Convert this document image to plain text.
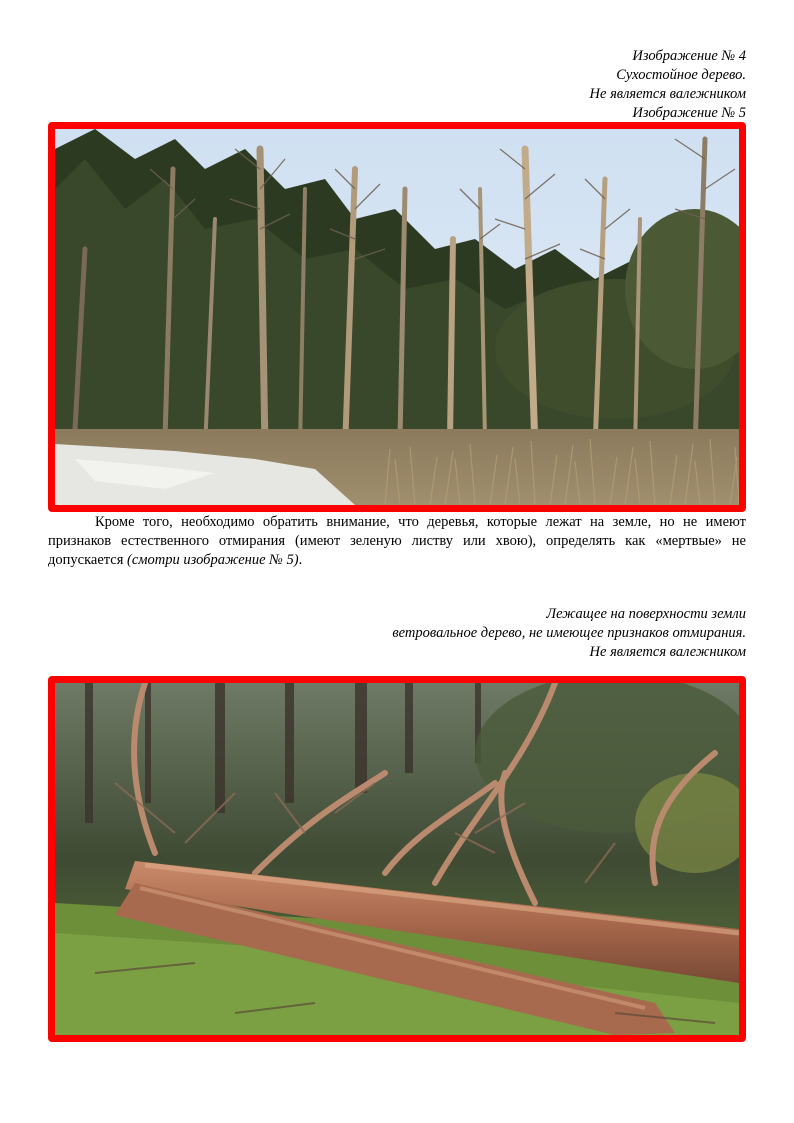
Изображение № 4
Сухостойное дерево.
Не является валежником
Изображение № 5
Кроме того, необходимо обратить внимание, что деревья, которые лежат на земле, но не имеют признаков естественного отмирания (имеют зеленую листву или хвою), определять как «мертвые» не допускается (смотри изображение № 5).
Лежащее на поверхности земли
ветровальное дерево, не имеющее признаков отмирания.
Не является валежником
